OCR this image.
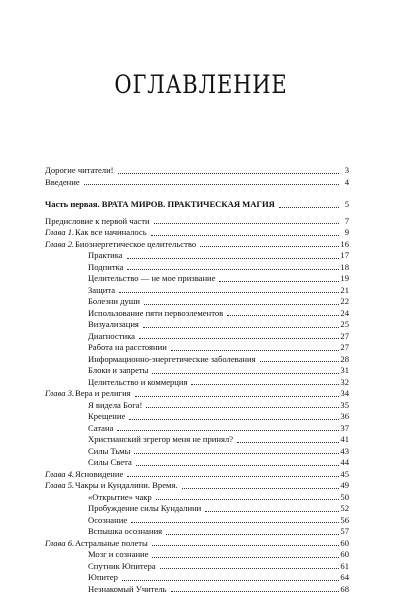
ОГЛАВЛЕНИЕ
Дорогие читатели!	3
Введение	4
Часть первая. ВРАТА МИРОВ. ПРАКТИЧЕСКАЯ МАГИЯ	5
Предисловие к первой части	7
Глава 1.Как все начиналось	9
Глава 2.Биоэнергетическое целительство	16
Практика	17
Подпитка	18
Целительство — не мое призвание	19
Защита	21
Болезни души	22
Использование пяти первоэлементов	24
Визуализация	25
Диагностика	27
Работа на расстоянии	27
Информационно-энергетические заболевания	28
Блоки и запреты	31
Целительство и коммерция	32
Глава 3.Вера и религия	34
Я видела Бога!	35
Крещение	36
Сатана	37
Христианский эгрегор меня не принял?	41
Силы Тьмы	43
Силы Света	44
Глава 4.Ясновидение	45
Глава 5.Чакры и Кундалини. Время.	49
«Открытие» чакр	50
Пробуждение силы Кундалини	52
Осознание	56
Вспышка осознания	57
Глава 6.Астральные полеты	60
Мозг и сознание	60
Спутник Юпитера	61
Юпитер	64
Незнакомый Учитель	68
